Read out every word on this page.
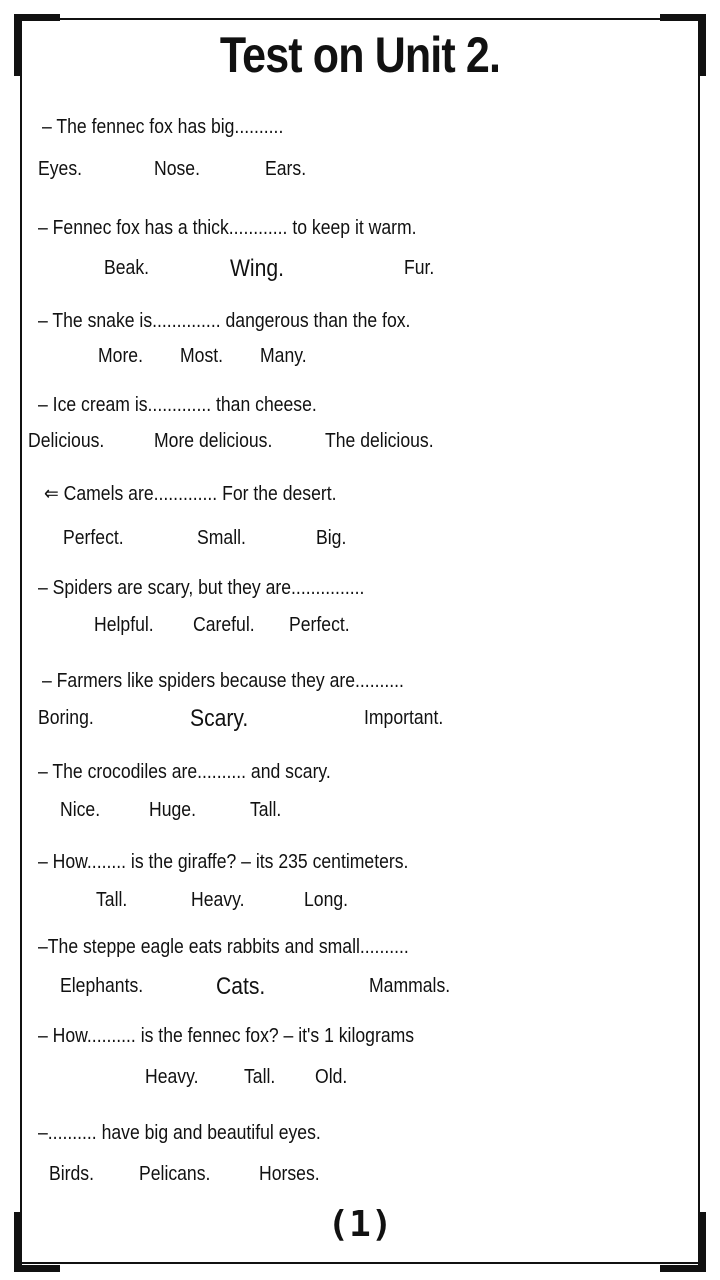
Test on Unit 2.
– The fennec fox has big..........
Eyes.	Nose.	Ears.
– Fennec fox has a thick............ to keep it warm.
Beak.	Wing.	Fur.
– The snake is.............. dangerous than the fox.
More. Most. Many.
– Ice cream is............. than cheese.
Delicious. More delicious.	The delicious.
⇐ Camels are............. For the desert.
Perfect.	Small.	Big.
– Spiders are scary, but they are...............
Helpful. Careful. Perfect.
– Farmers like spiders because they are..........
Boring.	Scary.	Important.
– The crocodiles are.......... and scary.
Nice. Huge.	Tall.
– How........ is the giraffe? – its 235 centimeters.
Tall.	Heavy.	Long.
–The steppe eagle eats rabbits and small..........
Elephants.	Cats.	Mammals.
– How.......... is the fennec fox? – it's 1 kilograms
Heavy. Tall. Old.
–.......... have big and beautiful eyes.
Birds. Pelicans. Horses.
(1)
